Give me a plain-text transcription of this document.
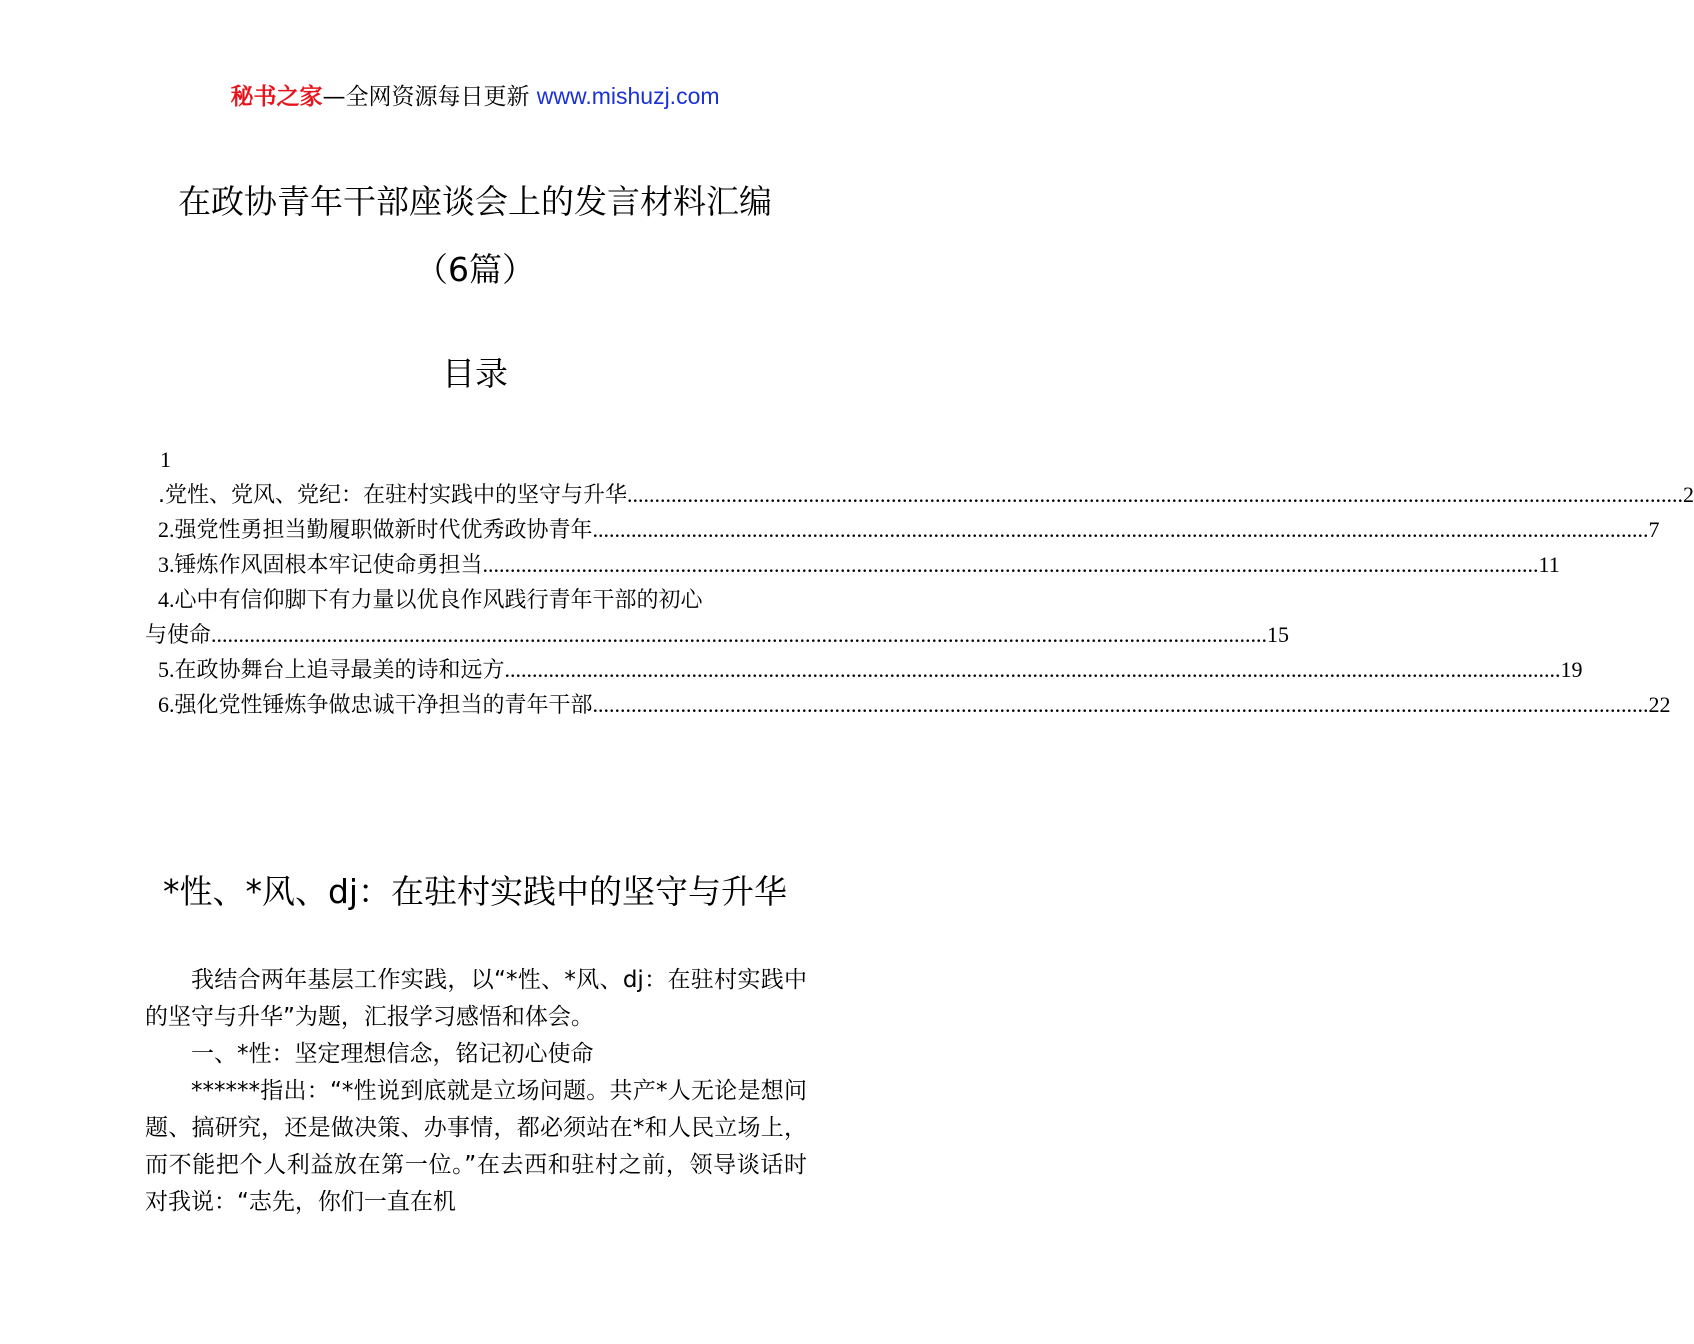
秘书之家—全网资源每日更新 www.mishuzj.com
在政协青年干部座谈会上的发言材料汇编
（6篇）
目录
1
.党性、党风、党纪：在驻村实践中的坚守与升华 ................................................................................................................................................................................................ 2
2. 强党性勇担当勤履职做新时代优秀政协青年 ................................................................................................................................................................................................ 7
3. 锤炼作风固根本牢记使命勇担当 ................................................................................................................................................................................................ 11
4. 心中有信仰脚下有力量以优良作风践行青年干部的初心
与使命 ................................................................................................................................................................................................ 15
5. 在政协舞台上追寻最美的诗和远方 ................................................................................................................................................................................................ 19
6. 强化党性锤炼争做忠诚干净担当的青年干部 ................................................................................................................................................................................................ 22
*性、*风、dj：在驻村实践中的坚守与升华

我结合两年基层工作实践，以“*性、*风、dj：在驻村实践中的坚守与升华”为题，汇报学习感悟和体会。

一、*性：坚定理想信念，铭记初心使命

******指出：“*性说到底就是立场问题。共产*人无论是想问题、搞研究，还是做决策、办事情，都必须站在*和人民立场上，而不能把个人利益放在第一位。”在去西和驻村之前，领导谈话时对我说：“志先，你们一直在机
